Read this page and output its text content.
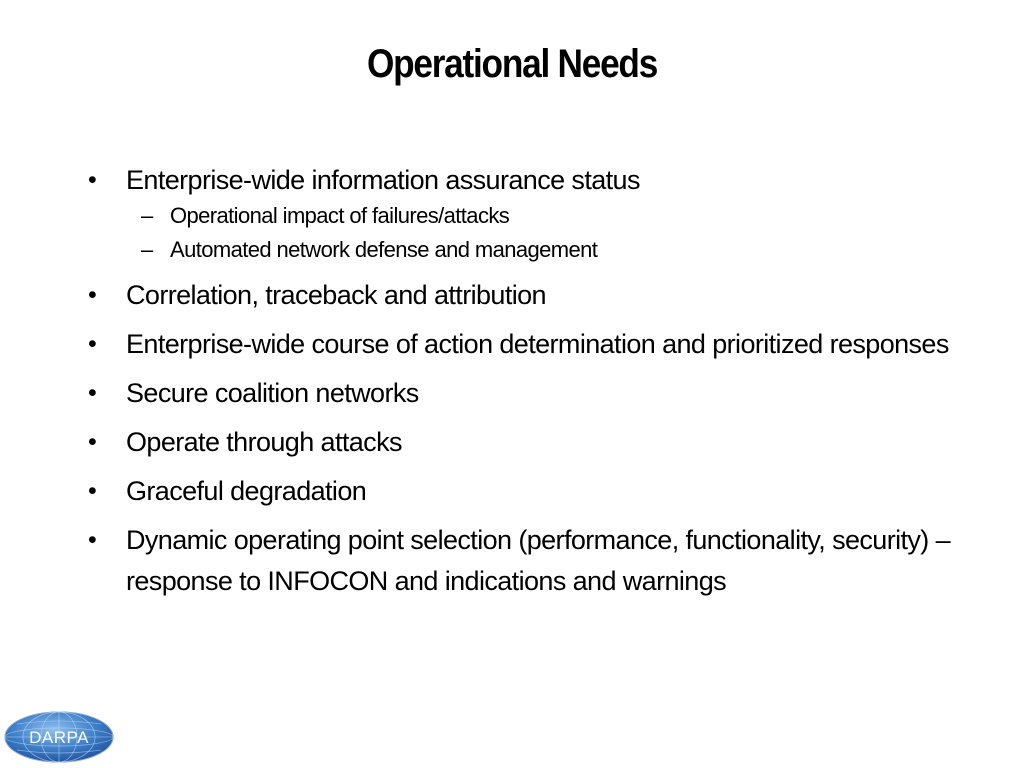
Operational Needs
• Enterprise-wide information assurance status
– Operational impact of failures/attacks
– Automated network defense and management
• Correlation, traceback and attribution
• Enterprise-wide course of action determination and prioritized responses
• Secure coalition networks
• Operate through attacks
• Graceful degradation
• Dynamic operating point selection (performance, functionality, security) – response to INFOCON and indications and warnings
DARPA
